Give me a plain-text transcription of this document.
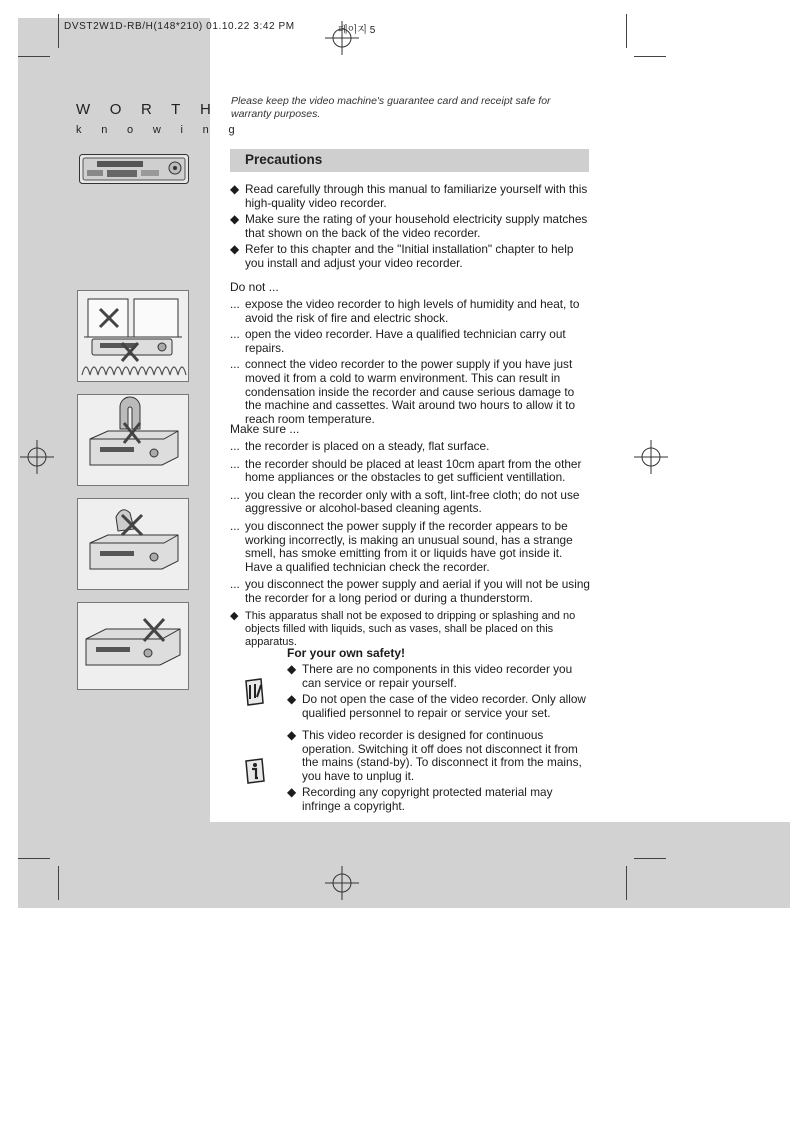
DVST2W1D-RB/H(148*210) 01.10.22 3:42 PM	페이지 5
WORTH
knowing
Please keep the video machine's guarantee card and receipt safe for warranty purposes.
Precautions
◆ Read carefully through this manual to familiarize yourself with this high-quality video recorder.
◆ Make sure the rating of your household electricity supply matches that shown on the back of the video recorder.
◆ Refer to this chapter and the "Initial installation" chapter to help you install and adjust your video recorder.
Do not ...
... expose the video recorder to high levels of humidity and heat, to avoid the risk of fire and electric shock.
... open the video recorder. Have a qualified technician carry out repairs.
... connect the video recorder to the power supply if you have just moved it from a cold to warm environment. This can result in condensation inside the recorder and cause serious damage to the machine and cassettes. Wait around two hours to allow it to reach room temperature.
Make sure ...
... the recorder is placed on a steady, flat surface.
... the recorder should be placed at least 10cm apart from the other home appliances or the obstacles to get sufficient ventillation.
... you clean the recorder only with a soft, lint-free cloth; do not use aggressive or alcohol-based cleaning agents.
... you disconnect the power supply if the recorder appears to be working incorrectly, is making an unusual sound, has a strange smell, has smoke emitting from it or liquids have got inside it. Have a qualified technician check the recorder.
... you disconnect the power supply and aerial if you will not be using the recorder for a long period or during a thunderstorm.
◆ This apparatus shall not be exposed to dripping or splashing and no objects filled with liquids, such as vases, shall be placed on this apparatus.
For your own safety!
◆ There are no components in this video recorder you can service or repair yourself.
◆ Do not open the case of the video recorder. Only allow qualified personnel to repair or service your set.
◆ This video recorder is designed for continuous operation. Switching it off does not disconnect it from the mains (stand-by). To disconnect it from the mains, you have to unplug it.
◆ Recording any copyright protected material may infringe a copyright.
